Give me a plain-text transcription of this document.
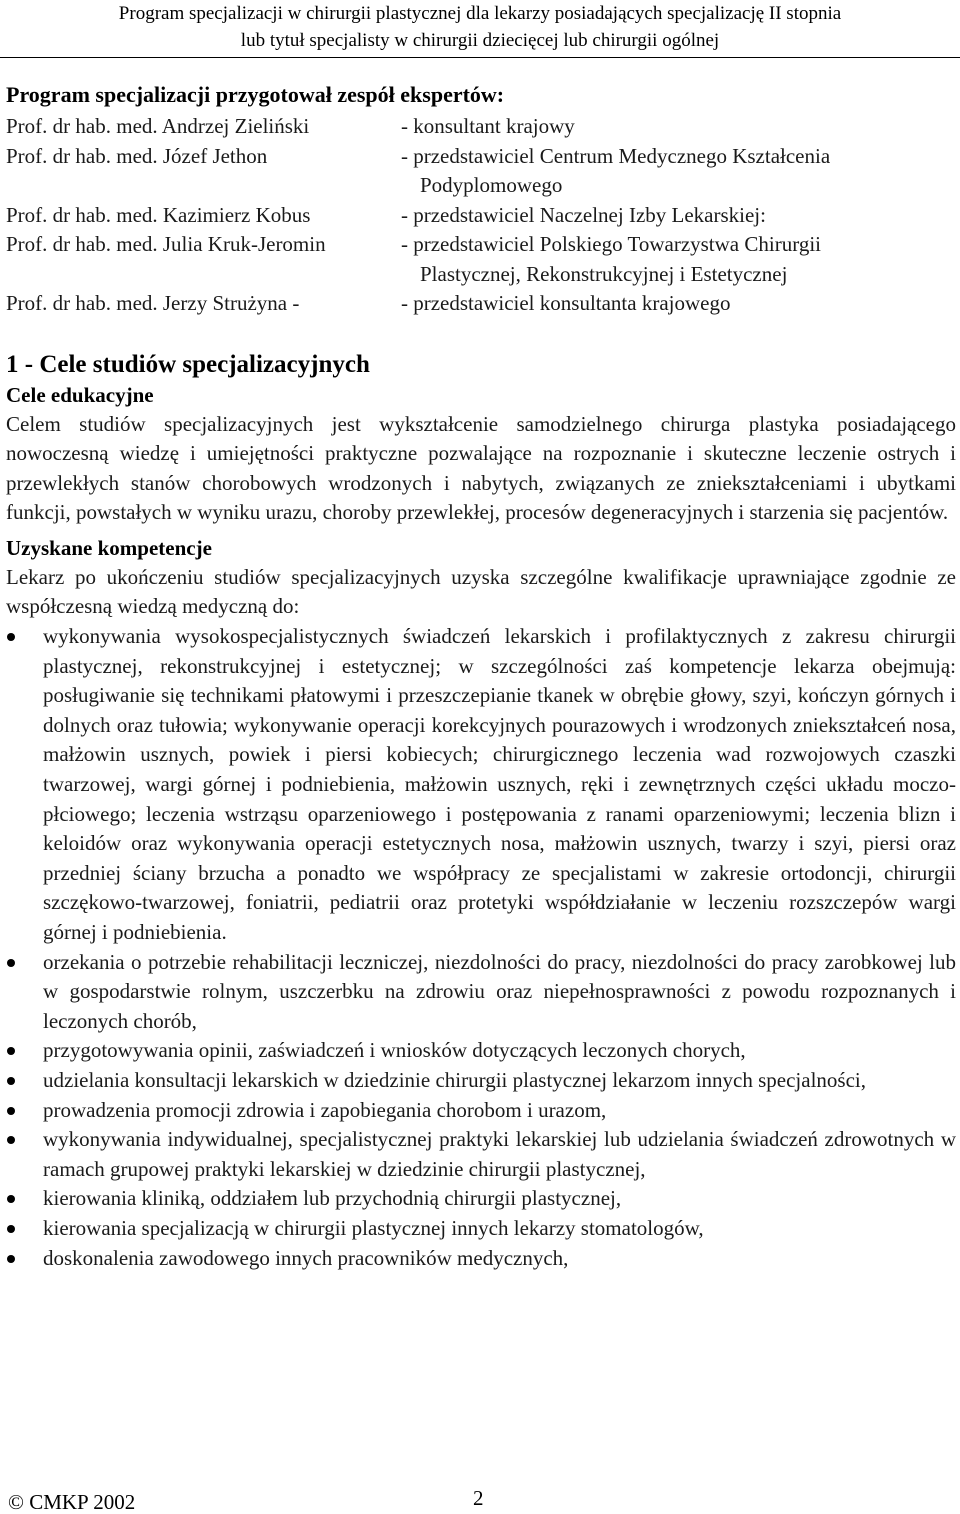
Program specjalizacji w chirurgii plastycznej dla lekarzy posiadających specjalizację II stopnia
lub tytuł specjalisty w chirurgii dziecięcej lub chirurgii ogólnej

Program specjalizacji przygotował zespół ekspertów:

Prof. dr hab. med. Andrzej Zieliński	- konsultant krajowy
Prof. dr hab. med. Józef Jethon	- przedstawiciel Centrum Medycznego Kształcenia
Podyplomowego
Prof. dr hab. med. Kazimierz Kobus	- przedstawiciel Naczelnej Izby Lekarskiej:
Prof. dr hab. med. Julia Kruk-Jeromin	- przedstawiciel Polskiego Towarzystwa Chirurgii
Plastycznej, Rekonstrukcyjnej i Estetycznej
Prof. dr hab. med. Jerzy Strużyna -	- przedstawiciel konsultanta krajowego
1 - Cele studiów specjalizacyjnych
Cele edukacyjne

Celem studiów specjalizacyjnych jest wykształcenie samodzielnego chirurga plastyka posiadającego nowoczesną wiedzę i umiejętności praktyczne pozwalające na rozpoznanie i skuteczne leczenie ostrych i przewlekłych stanów chorobowych wrodzonych i nabytych, związanych ze zniekształceniami i ubytkami funkcji, powstałych w wyniku urazu, choroby przewlekłej, procesów degeneracyjnych i starzenia się pacjentów.

Uzyskane kompetencje

Lekarz po ukończeniu studiów specjalizacyjnych uzyska szczególne kwalifikacje uprawniające zgodnie ze współczesną wiedzą medyczną do:

wykonywania wysokospecjalistycznych świadczeń lekarskich i profilaktycznych z zakresu chirurgii plastycznej, rekonstrukcyjnej i estetycznej; w szczególności zaś kompetencje lekarza obejmują: posługiwanie się technikami płatowymi i przeszczepianie tkanek w obrębie głowy, szyi, kończyn górnych i dolnych oraz tułowia; wykonywanie operacji korekcyjnych pourazowych i wrodzonych zniekształceń nosa, małżowin usznych, powiek i piersi kobiecych; chirurgicznego leczenia wad rozwojowych czaszki twarzowej, wargi górnej i podniebienia, małżowin usznych, ręki i zewnętrznych części układu moczo-płciowego; leczenia wstrząsu oparzeniowego i postępowania z ranami oparzeniowymi; leczenia blizn i keloidów oraz wykonywania operacji estetycznych nosa, małżowin usznych, twarzy i szyi, piersi oraz przedniej ściany brzucha a ponadto we współpracy ze specjalistami w zakresie ortodoncji, chirurgii szczękowo-twarzowej, foniatrii, pediatrii oraz protetyki współdziałanie w leczeniu rozszczepów wargi górnej i podniebienia.
orzekania o potrzebie rehabilitacji leczniczej, niezdolności do pracy, niezdolności do pracy zarobkowej lub w gospodarstwie rolnym, uszczerbku na zdrowiu oraz niepełnosprawności z powodu rozpoznanych i leczonych chorób,
przygotowywania opinii, zaświadczeń i wniosków dotyczących leczonych chorych,
udzielania konsultacji lekarskich w dziedzinie chirurgii plastycznej lekarzom innych specjalności,
prowadzenia promocji zdrowia i zapobiegania chorobom i urazom,
wykonywania indywidualnej, specjalistycznej praktyki lekarskiej lub udzielania świadczeń zdrowotnych w ramach grupowej praktyki lekarskiej w dziedzinie chirurgii plastycznej,
kierowania kliniką, oddziałem lub przychodnią chirurgii plastycznej,
kierowania specjalizacją w chirurgii plastycznej innych lekarzy stomatologów,
doskonalenia zawodowego innych pracowników medycznych,
© CMKP 2002	2
